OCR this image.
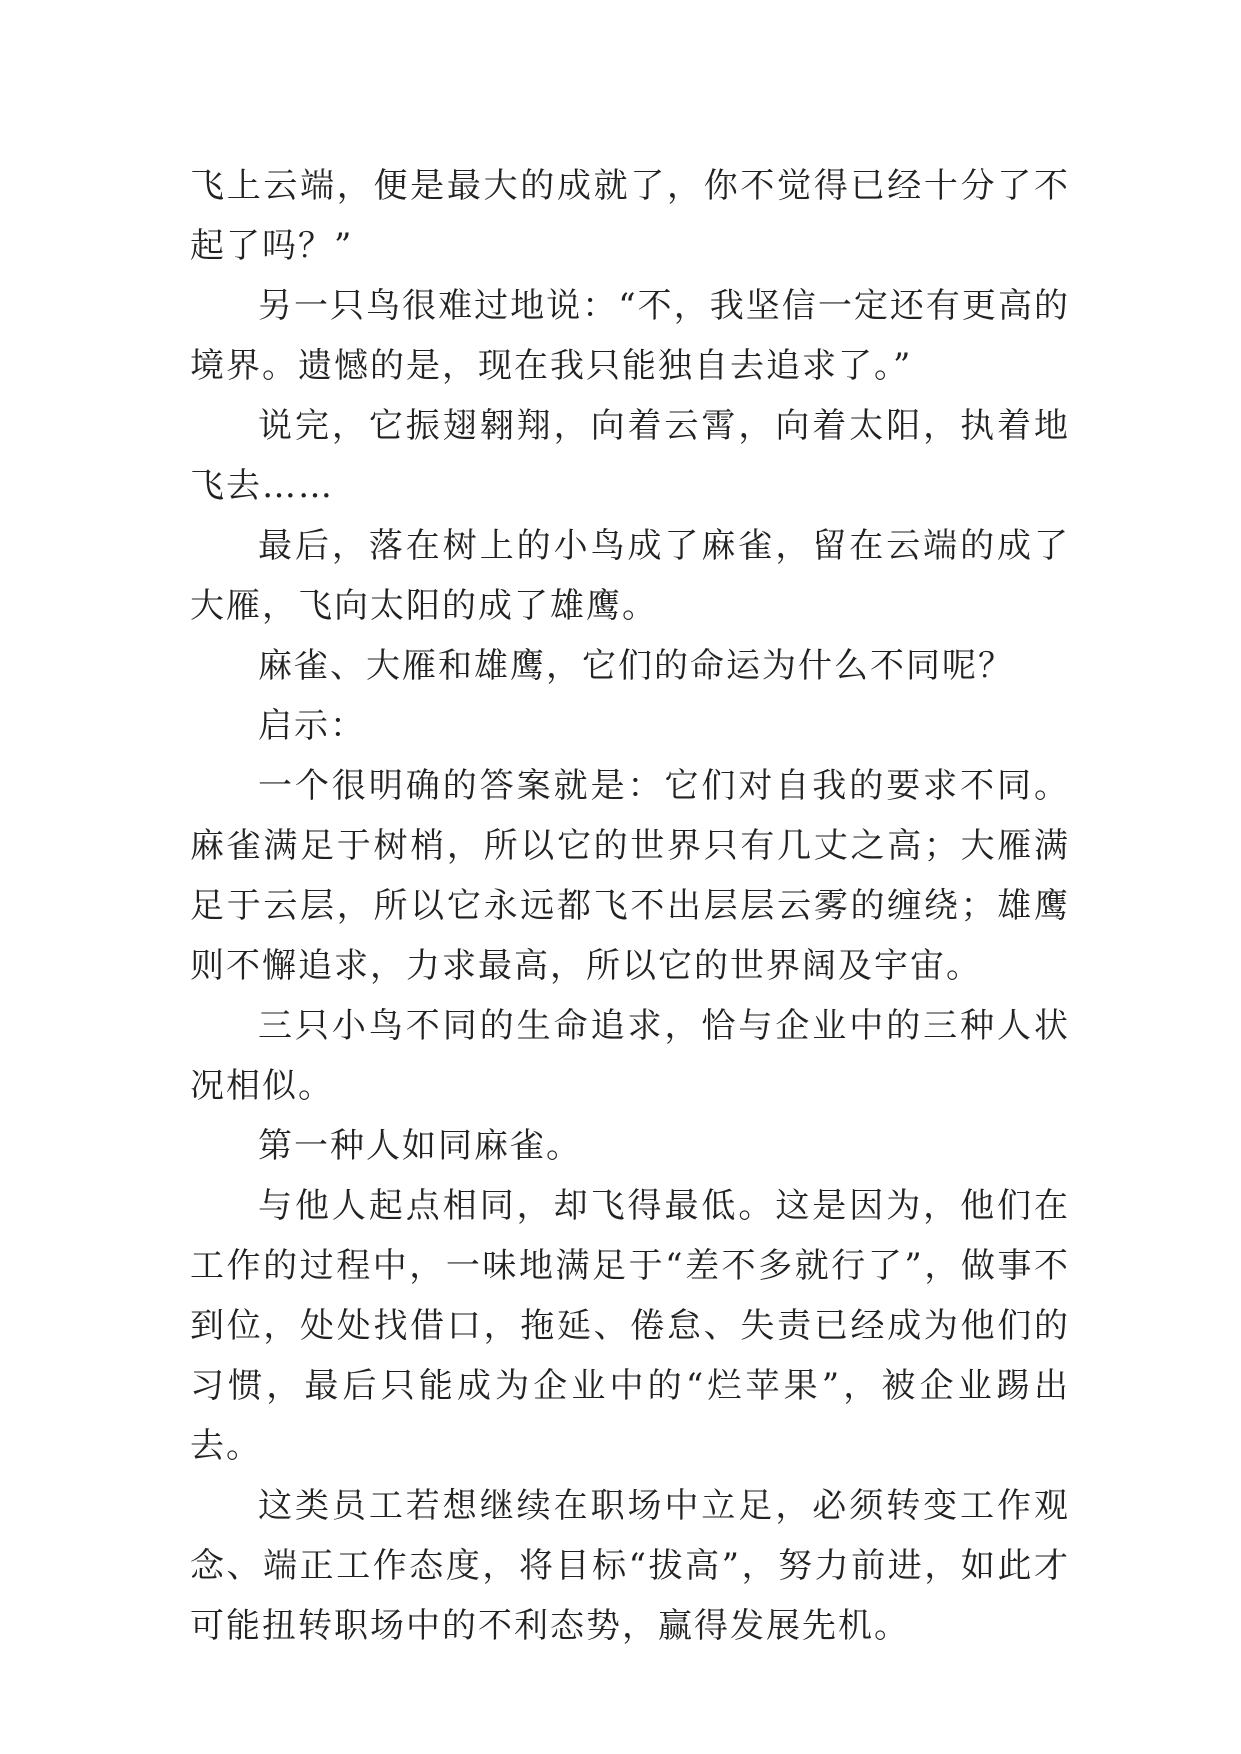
飞上云端，便是最大的成就了，你不觉得已经十分了不起了吗？”

另一只鸟很难过地说：“不，我坚信一定还有更高的境界。遗憾的是，现在我只能独自去追求了。”

说完，它振翅翱翔，向着云霄，向着太阳，执着地飞去……

最后，落在树上的小鸟成了麻雀，留在云端的成了大雁，飞向太阳的成了雄鹰。

麻雀、大雁和雄鹰，它们的命运为什么不同呢？

启示：

一个很明确的答案就是：它们对自我的要求不同。麻雀满足于树梢，所以它的世界只有几丈之高；大雁满足于云层，所以它永远都飞不出层层云雾的缠绕；雄鹰则不懈追求，力求最高，所以它的世界阔及宇宙。

三只小鸟不同的生命追求，恰与企业中的三种人状况相似。

第一种人如同麻雀。

与他人起点相同，却飞得最低。这是因为，他们在工作的过程中，一味地满足于“差不多就行了”，做事不到位，处处找借口，拖延、倦怠、失责已经成为他们的习惯，最后只能成为企业中的“烂苹果”，被企业踢出去。

这类员工若想继续在职场中立足，必须转变工作观念、端正工作态度，将目标“拔高”，努力前进，如此才可能扭转职场中的不利态势，赢得发展先机。
